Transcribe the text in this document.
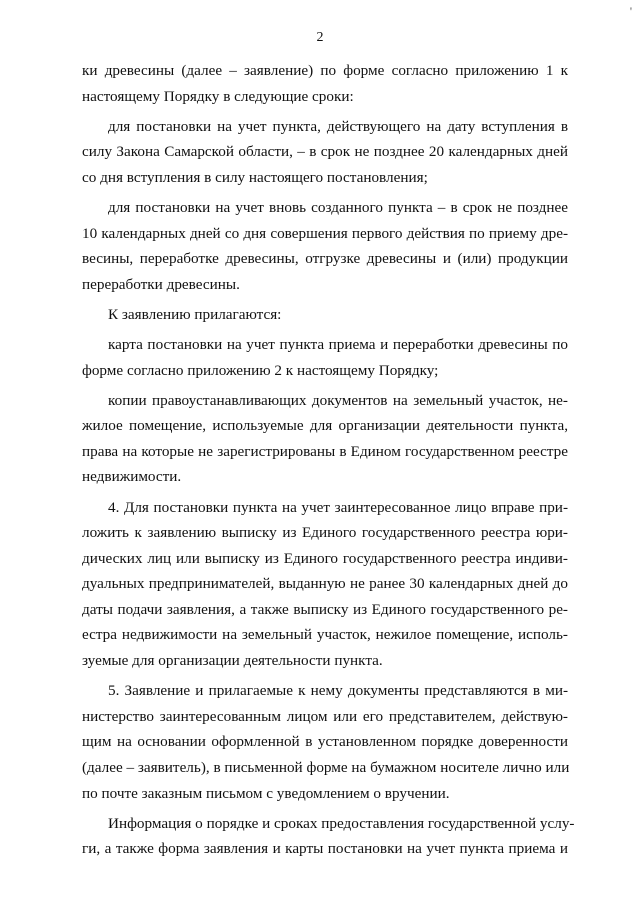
2
'
ки древесины (далее – заявление) по форме согласно приложению 1 к
настоящему Порядку в следующие сроки:
для постановки на учет пункта, действующего на дату вступления в
силу Закона Самарской области, – в срок не позднее 20 календарных дней
со дня вступления в силу настоящего постановления;
для постановки на учет вновь созданного пункта – в срок не позднее
10 календарных дней со дня совершения первого действия по приему дре-
весины, переработке древесины, отгрузке древесины и (или) продукции
переработки древесины.
К заявлению прилагаются:
карта постановки на учет пункта приема и переработки древесины по
форме согласно приложению 2 к настоящему Порядку;
копии правоустанавливающих документов на земельный участок, не-
жилое помещение, используемые для организации деятельности пункта,
права на которые не зарегистрированы в Едином государственном реестре
недвижимости.
4. Для постановки пункта на учет заинтересованное лицо вправе при-
ложить к заявлению выписку из Единого государственного реестра юри-
дических лиц или выписку из Единого государственного реестра индиви-
дуальных предпринимателей, выданную не ранее 30 календарных дней до
даты подачи заявления, а также выписку из Единого государственного ре-
естра недвижимости на земельный участок, нежилое помещение, исполь-
зуемые для организации деятельности пункта.
5. Заявление и прилагаемые к нему документы представляются в ми-
нистерство заинтересованным лицом или его представителем, действую-
щим на основании оформленной в установленном порядке доверенности
(далее – заявитель), в письменной форме на бумажном носителе лично или
по почте заказным письмом с уведомлением о вручении.
Информация о порядке и сроках предоставления государственной услу-
ги, а также форма заявления и карты постановки на учет пункта приема и
